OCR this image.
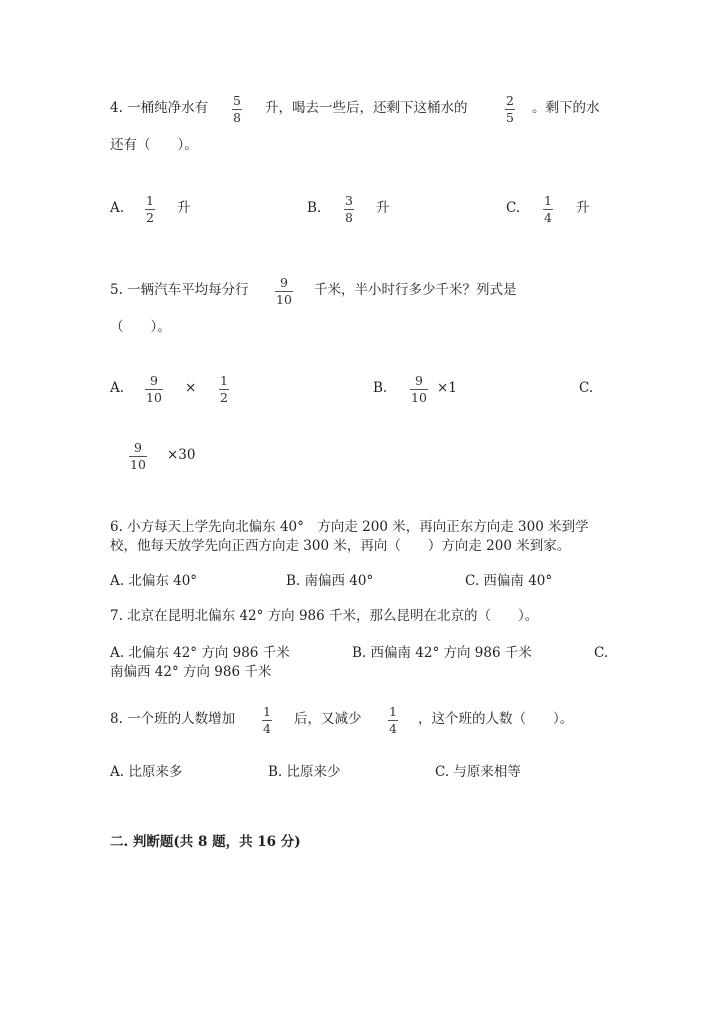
4. 一桶纯净水有 5
8
升，喝去一些后，还剩下这桶水的	2
5
。剩下的水
还有（　　）。
A. 1
2
升	B. 3
8
升	C. 1
4
升
5. 一辆汽车平均每分行	9
10
千米，半小时行多少千米？列式是
（　　）。
A. 9
10
× 1
2
B. 9
10
×1	C.
9
10
×30
6. 小方每天上学先向北偏东 40°　方向走 200 米，再向正东方向走 300 米到学
校，他每天放学先向正西方向走 300 米，再向（　　）方向走 200 米到家。
A. 北偏东 40°	B. 南偏西 40°	C. 西偏南 40°
7. 北京在昆明北偏东 42° 方向 986 千米，那么昆明在北京的（　　）。
A. 北偏东 42° 方向 986 千米	B. 西偏南 42° 方向 986 千米	C.
南偏西 42° 方向 986 千米
8. 一个班的人数增加 1
4
后，又减少 1
4
，这个班的人数（　　）。
A. 比原来多	B. 比原来少	C. 与原来相等
二. 判断题(共 8 题，共 16 分)
